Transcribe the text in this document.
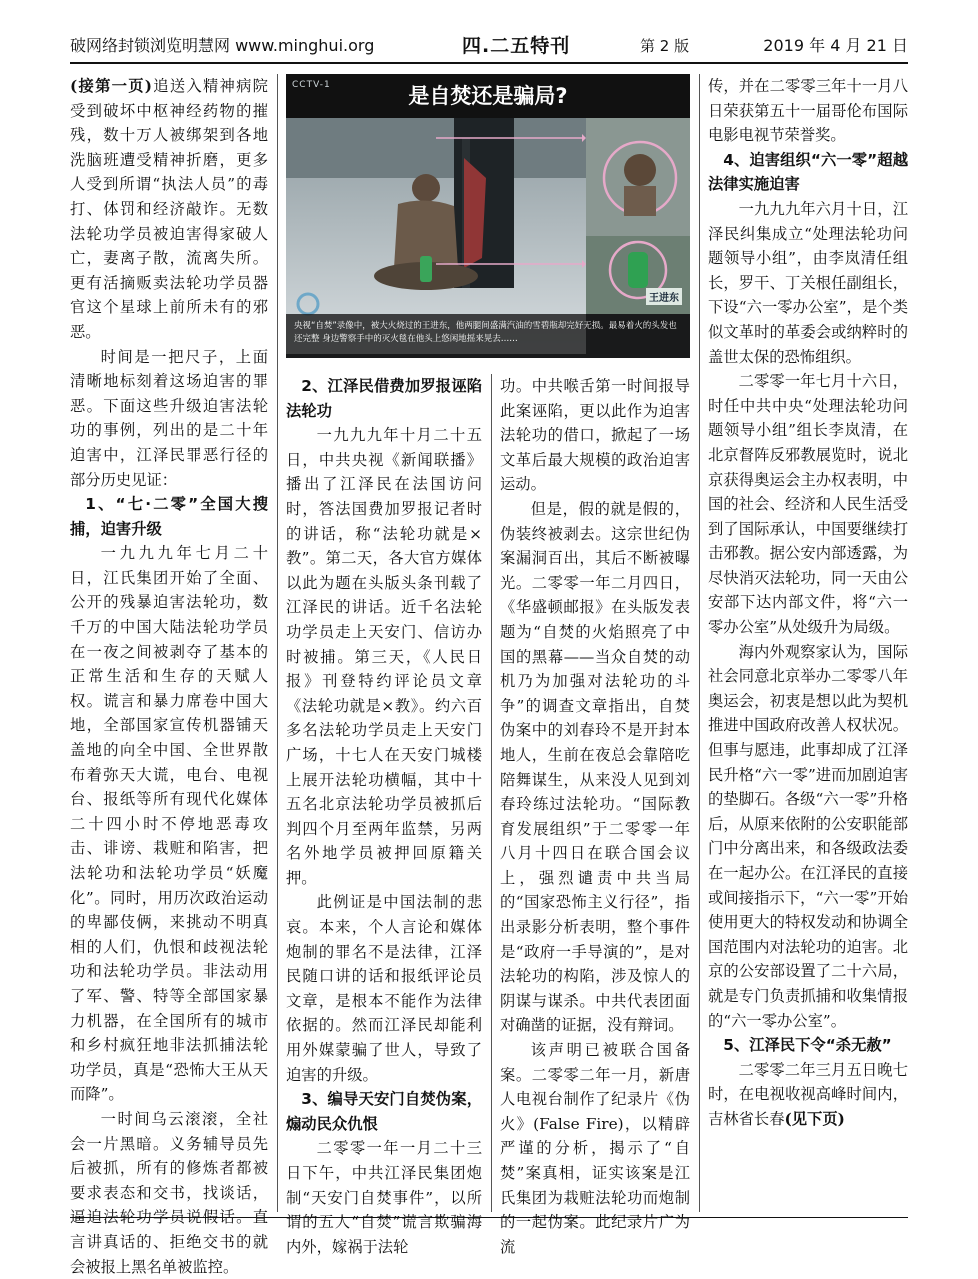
破网络封锁浏览明慧网 www.minghui.org	四.二五特刊	第 2 版	2019 年 4 月 21 日

(接第一页)追送入精神病院受到破坏中枢神经药物的摧残，数十万人被绑架到各地洗脑班遭受精神折磨，更多人受到所谓“执法人员”的毒打、体罚和经济敲诈。无数法轮功学员被迫害得家破人亡，妻离子散，流离失所。更有活摘贩卖法轮功学员器官这个星球上前所未有的邪恶。

时间是一把尺子，上面清晰地标刻着这场迫害的罪恶。下面这些升级迫害法轮功的事例，列出的是二十年迫害中，江泽民罪恶行径的部分历史见证：

1、“七·二零”全国大搜捕，迫害升级

一九九九年七月二十日，江氏集团开始了全面、公开的残暴迫害法轮功，数千万的中国大陆法轮功学员在一夜之间被剥夺了基本的正常生活和生存的天赋人权。谎言和暴力席卷中国大地，全部国家宣传机器铺天盖地的向全中国、全世界散布着弥天大谎，电台、电视台、报纸等所有现代化媒体二十四小时不停地恶毒攻击、诽谤、栽赃和陷害，把法轮功和法轮功学员“妖魔化”。同时，用历次政治运动的卑鄙伎俩，来挑动不明真相的人们，仇恨和歧视法轮功和法轮功学员。非法动用了军、警、特等全部国家暴力机器，在全国所有的城市和乡村疯狂地非法抓捕法轮功学员，真是“恐怖大王从天而降”。

一时间乌云滚滚，全社会一片黑暗。义务辅导员先后被抓，所有的修炼者都被要求表态和交书，找谈话，逼迫法轮功学员说假话。直言讲真话的、拒绝交书的就会被报上黑名单被监控。

是自焚还是骗局?
CCTV-1
王进东
央视“自焚”录像中，被大火烧过的王进东，他两腿间盛满汽油的雪碧瓶却完好无损。最易着火的头发也还完整 身边警察手中的灭火毯在他头上悠闲地摇来晃去……
2、江泽民借费加罗报诬陷法轮功

一九九九年十月二十五日，中共央视《新闻联播》播出了江泽民在法国访问时，答法国费加罗报记者时的讲话，称“法轮功就是×教”。第二天，各大官方媒体以此为题在头版头条刊载了江泽民的讲话。近千名法轮功学员走上天安门、信访办时被捕。第三天，《人民日报》刊登特约评论员文章《法轮功就是×教》。约六百多名法轮功学员走上天安门广场，十七人在天安门城楼上展开法轮功横幅，其中十五名北京法轮功学员被抓后判四个月至两年监禁，另两名外地学员被押回原籍关押。

此例证是中国法制的悲哀。本来，个人言论和媒体炮制的罪名不是法律，江泽民随口讲的话和报纸评论员文章，是根本不能作为法律依据的。然而江泽民却能利用外媒蒙骗了世人，导致了迫害的升级。

3、编导天安门自焚伪案，煽动民众仇恨

二零零一年一月二十三日下午，中共江泽民集团炮制“天安门自焚事件”，以所谓的五人“自焚”谎言欺骗海内外，嫁祸于法轮

功。中共喉舌第一时间报导此案诬陷，更以此作为迫害法轮功的借口，掀起了一场文革后最大规模的政治迫害运动。

但是，假的就是假的，伪装终被剥去。这宗世纪伪案漏洞百出，其后不断被曝光。二零零一年二月四日，《华盛顿邮报》在头版发表题为“自焚的火焰照亮了中国的黑幕——当众自焚的动机乃为加强对法轮功的斗争”的调查文章指出，自焚伪案中的刘春玲不是开封本地人，生前在夜总会靠陪吃陪舞谋生，从来没人见到刘春玲练过法轮功。“国际教育发展组织”于二零零一年八月十四日在联合国会议上，强烈谴责中共当局的“国家恐怖主义行径”，指出录影分析表明，整个事件是“政府一手导演的”，是对法轮功的构陷，涉及惊人的阴谋与谋杀。中共代表团面对确凿的证据，没有辩词。

该声明已被联合国备案。二零零二年一月，新唐人电视台制作了纪录片《伪火》(False Fire)，以精辟严谨的分析，揭示了“自焚”案真相，证实该案是江氏集团为栽赃法轮功而炮制的一起伪案。此纪录片广为流

传，并在二零零三年十一月八日荣获第五十一届哥伦布国际电影电视节荣誉奖。

4、迫害组织“六一零”超越法律实施迫害

一九九九年六月十日，江泽民纠集成立“处理法轮功问题领导小组”，由李岚清任组长，罗干、丁关根任副组长，下设“六一零办公室”，是个类似文革时的革委会或纳粹时的盖世太保的恐怖组织。

二零零一年七月十六日，时任中共中央“处理法轮功问题领导小组”组长李岚清，在北京督阵反邪教展览时，说北京获得奥运会主办权表明，中国的社会、经济和人民生活受到了国际承认，中国要继续打击邪教。据公安内部透露，为尽快消灭法轮功，同一天由公安部下达内部文件，将“六一零办公室”从处级升为局级。

海内外观察家认为，国际社会同意北京举办二零零八年奥运会，初衷是想以此为契机推进中国政府改善人权状况。但事与愿违，此事却成了江泽民升格“六一零”进而加剧迫害的垫脚石。各级“六一零”升格后，从原来依附的公安职能部门中分离出来，和各级政法委在一起办公。在江泽民的直接或间接指示下，“六一零”开始使用更大的特权发动和协调全国范围内对法轮功的迫害。北京的公安部设置了二十六局，就是专门负责抓捕和收集情报的“六一零办公室”。

5、江泽民下令“杀无赦”

二零零二年三月五日晚七时，在电视收视高峰时间内，吉林省长春(见下页)
